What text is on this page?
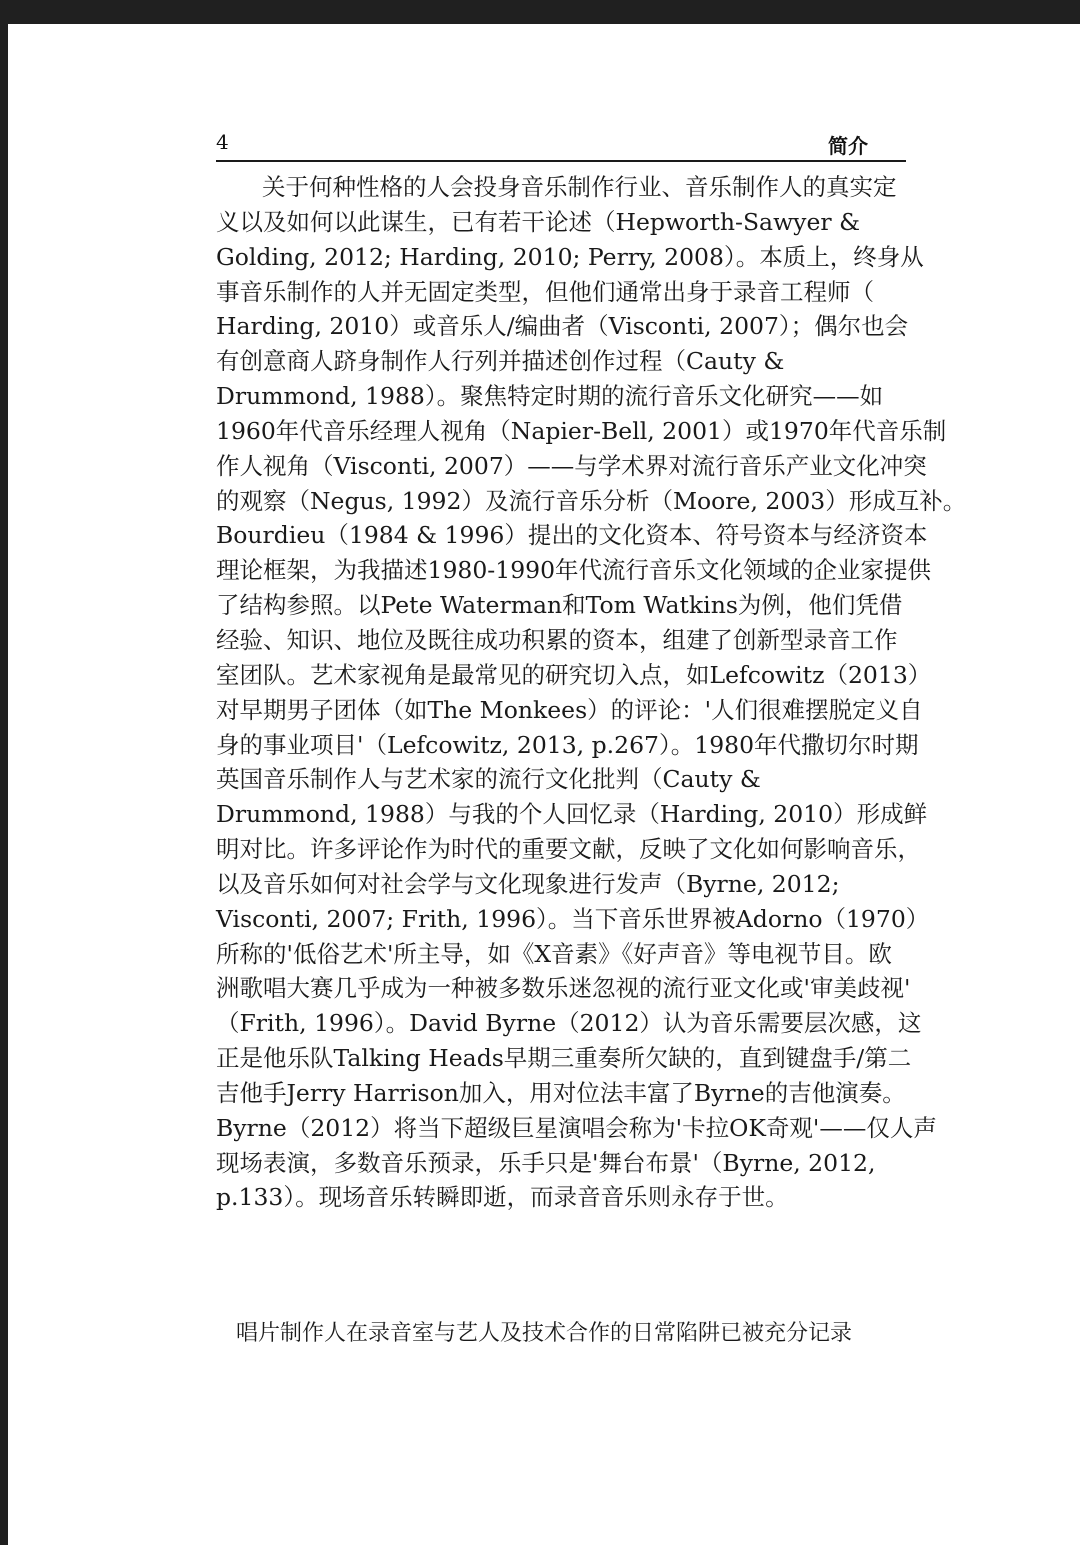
4	简介

关于何种性格的人会投身音乐制作行业、音乐制作人的真实定
义以及如何以此谋生，已有若干论述（Hepworth-Sawyer &
Golding, 2012; Harding, 2010; Perry, 2008）。本质上，终身从
事音乐制作的人并无固定类型，但他们通常出身于录音工程师（
Harding, 2010）或音乐人/编曲者（Visconti, 2007）；偶尔也会
有创意商人跻身制作人行列并描述创作过程（Cauty &
Drummond, 1988）。聚焦特定时期的流行音乐文化研究——如
1960年代音乐经理人视角（Napier-Bell, 2001）或1970年代音乐制
作人视角（Visconti, 2007）——与学术界对流行音乐产业文化冲突
的观察（Negus, 1992）及流行音乐分析（Moore, 2003）形成互补。
Bourdieu（1984 & 1996）提出的文化资本、符号资本与经济资本
理论框架，为我描述1980-1990年代流行音乐文化领域的企业家提供
了结构参照。以Pete Waterman和Tom Watkins为例，他们凭借
经验、知识、地位及既往成功积累的资本，组建了创新型录音工作
室团队。艺术家视角是最常见的研究切入点，如Lefcowitz（2013）
对早期男子团体（如The Monkees）的评论：'人们很难摆脱定义自
身的事业项目'（Lefcowitz, 2013, p.267）。1980年代撒切尔时期
英国音乐制作人与艺术家的流行文化批判（Cauty &
Drummond, 1988）与我的个人回忆录（Harding, 2010）形成鲜
明对比。许多评论作为时代的重要文献，反映了文化如何影响音乐，
以及音乐如何对社会学与文化现象进行发声（Byrne, 2012;
Visconti, 2007; Frith, 1996）。当下音乐世界被Adorno（1970）
所称的'低俗艺术'所主导，如《X音素》《好声音》等电视节目。欧
洲歌唱大赛几乎成为一种被多数乐迷忽视的流行亚文化或'审美歧视'
（Frith, 1996）。David Byrne（2012）认为音乐需要层次感，这
正是他乐队Talking Heads早期三重奏所欠缺的，直到键盘手/第二
吉他手Jerry Harrison加入，用对位法丰富了Byrne的吉他演奏。
Byrne（2012）将当下超级巨星演唱会称为'卡拉OK奇观'——仅人声
现场表演，多数音乐预录，乐手只是'舞台布景'（Byrne, 2012,
p.133）。现场音乐转瞬即逝，而录音音乐则永存于世。

唱片制作人在录音室与艺人及技术合作的日常陷阱已被充分记录
